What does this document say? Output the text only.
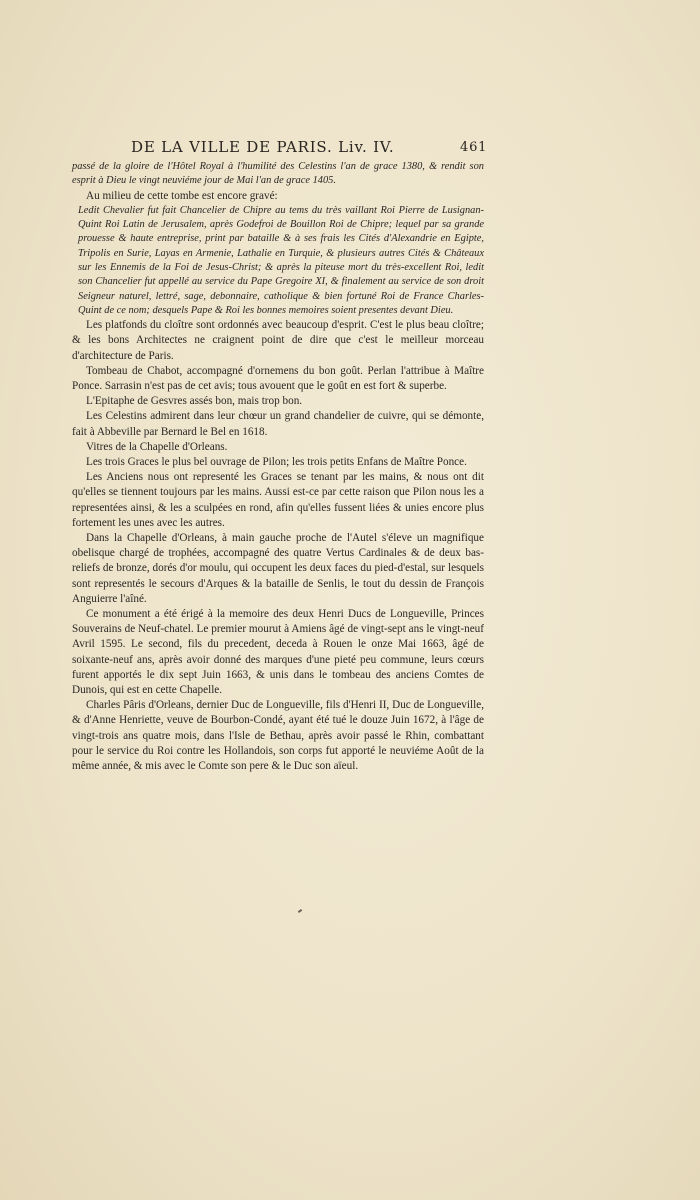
DE LA VILLE DE PARIS. Liv. IV.	461

passé de la gloire de l'Hôtel Royal à l'humilité des Celestins l'an de grace 1380, & rendit son esprit à Dieu le vingt neuviéme jour de Mai l'an de grace 1405.

Au milieu de cette tombe est encore gravé:

Ledit Chevalier fut fait Chancelier de Chipre au tems du très vaillant Roi Pierre de Lusignan-Quint Roi Latin de Jerusalem, après Godefroi de Bouillon Roi de Chipre; lequel par sa grande prouesse & haute entreprise, print par bataille & à ses frais les Cités d'Alexandrie en Egipte, Tripolis en Surie, Layas en Armenie, Lathalie en Turquie, & plusieurs autres Cités & Châteaux sur les Ennemis de la Foi de Jesus-Christ; & après la piteuse mort du très-excellent Roi, ledit son Chancelier fut appellé au service du Pape Gregoire XI, & finalement au service de son droit Seigneur naturel, lettré, sage, debonnaire, catholique & bien fortuné Roi de France Charles-Quint de ce nom; desquels Pape & Roi les bonnes memoires soient presentes devant Dieu.

Les platfonds du cloître sont ordonnés avec beaucoup d'esprit. C'est le plus beau cloître; & les bons Architectes ne craignent point de dire que c'est le meilleur morceau d'architecture de Paris.

Tombeau de Chabot, accompagné d'ornemens du bon goût. Perlan l'attribue à Maître Ponce. Sarrasin n'est pas de cet avis; tous avouent que le goût en est fort & superbe.

L'Epitaphe de Gesvres assés bon, mais trop bon.

Les Celestins admirent dans leur chœur un grand chandelier de cuivre, qui se démonte, fait à Abbeville par Bernard le Bel en 1618.

Vitres de la Chapelle d'Orleans.

Les trois Graces le plus bel ouvrage de Pilon; les trois petits Enfans de Maître Ponce.

Les Anciens nous ont representé les Graces se tenant par les mains, & nous ont dit qu'elles se tiennent toujours par les mains. Aussi est-ce par cette raison que Pilon nous les a representées ainsi, & les a sculpées en rond, afin qu'elles fussent liées & unies encore plus fortement les unes avec les autres.

Dans la Chapelle d'Orleans, à main gauche proche de l'Autel s'éleve un magnifique obelisque chargé de trophées, accompagné des quatre Vertus Cardinales & de deux bas-reliefs de bronze, dorés d'or moulu, qui occupent les deux faces du pied-d'estal, sur lesquels sont representés le secours d'Arques & la bataille de Senlis, le tout du dessin de François Anguierre l'aîné.

Ce monument a été érigé à la memoire des deux Henri Ducs de Longueville, Princes Souverains de Neuf-chatel. Le premier mourut à Amiens âgé de vingt-sept ans le vingt-neuf Avril 1595. Le second, fils du precedent, deceda à Rouen le onze Mai 1663, âgé de soixante-neuf ans, après avoir donné des marques d'une pieté peu commune, leurs cœurs furent apportés le dix sept Juin 1663, & unis dans le tombeau des anciens Comtes de Dunois, qui est en cette Chapelle.

Charles Pâris d'Orleans, dernier Duc de Longueville, fils d'Henri II, Duc de Longueville, & d'Anne Henriette, veuve de Bourbon-Condé, ayant été tué le douze Juin 1672, à l'âge de vingt-trois ans quatre mois, dans l'Isle de Bethau, après avoir passé le Rhin, combattant pour le service du Roi contre les Hollandois, son corps fut apporté le neuviéme Août de la même année, & mis avec le Comte son pere & le Duc son aïeul.
